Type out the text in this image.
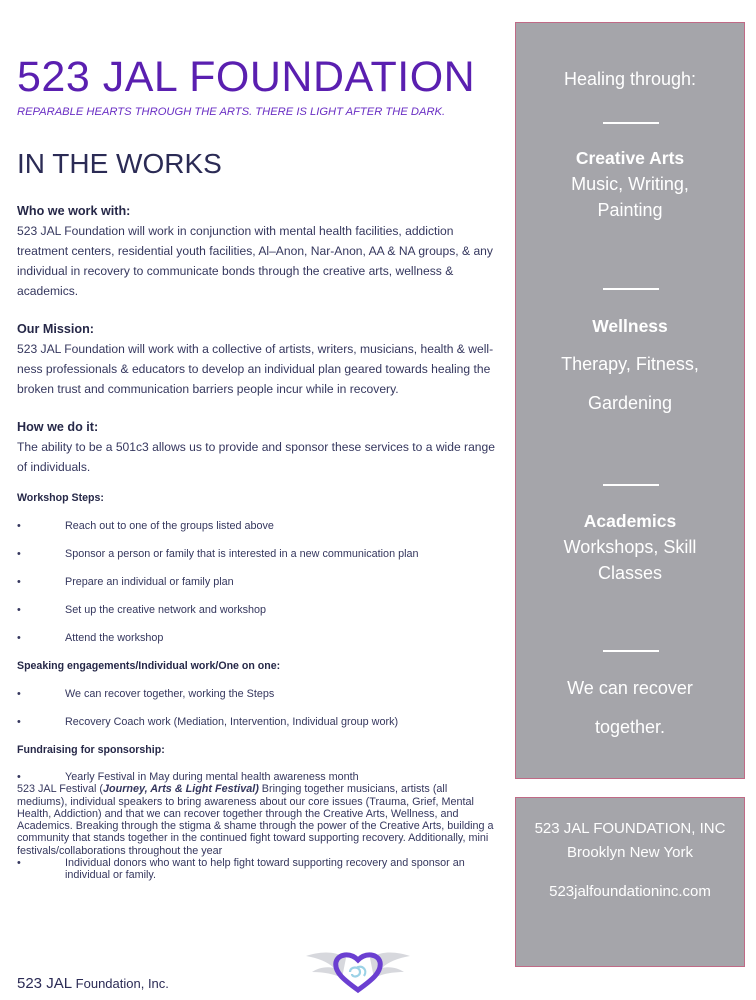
523 JAL FOUNDATION
REPARABLE HEARTS THROUGH THE ARTS. THERE IS LIGHT AFTER THE DARK.
IN THE WORKS
Who we work with:
523 JAL Foundation will work in conjunction with mental health facilities, addiction treatment centers, residential youth facilities, Al–Anon, Nar-Anon, AA & NA groups, & any individual in recovery to communicate bonds through the creative arts, wellness & academics.
Our Mission:
523 JAL Foundation will work with a collective of artists, writers, musicians, health & well-ness professionals & educators to develop an individual plan geared towards healing the broken trust and communication barriers people incur while in recovery.
How we do it:
The ability to be a 501c3 allows us to provide and sponsor these services to a wide range of individuals.
Workshop Steps:
•	Reach out to one of the groups listed above
•	Sponsor a person or family that is interested in a new communication plan
•	Prepare an individual or family plan
•	Set up the creative network and workshop
•	Attend the workshop
Speaking engagements/Individual work/One on one:
•	We can recover together, working the Steps
•	Recovery Coach work (Mediation, Intervention, Individual group work)
Fundraising for sponsorship:
•	Yearly Festival in May during mental health awareness month
523 JAL Festival (Journey, Arts & Light Festival) Bringing together musicians, artists (all mediums), individual speakers to bring awareness about our core issues (Trauma, Grief, Mental Health, Addiction) and that we can recover together through the Creative Arts, Wellness, and Academics. Breaking through the stigma & shame through the power of the Creative Arts, building a community that stands together in the continued fight toward supporting recovery. Additionally, mini festivals/collaborations throughout the year
•	Individual donors who want to help fight toward supporting recovery and sponsor an individual or family.
523 JAL Foundation, Inc.
Healing through:
Creative Arts
Music, Writing, Painting
Wellness
Therapy, Fitness, Gardening
Academics
Workshops, Skill Classes
We can recover together.
523 JAL FOUNDATION, INC
Brooklyn New York
523jalfoundationinc.com
